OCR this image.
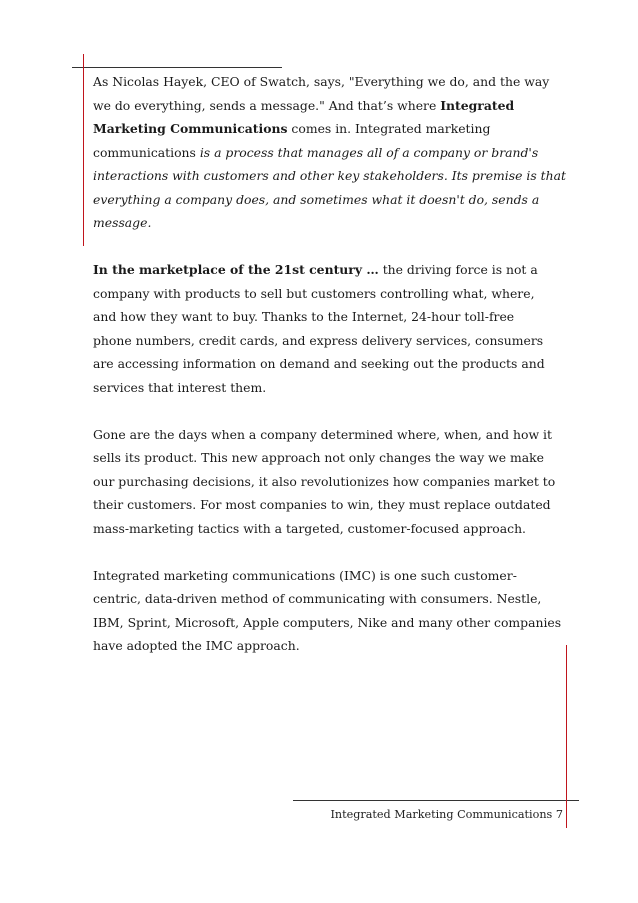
As Nicolas Hayek, CEO of Swatch, says, "Everything we do, and the way
we do everything, sends a message." And that’s where Integrated
Marketing Communications comes in. Integrated marketing
communications is a process that manages all of a company or brand's
interactions with customers and other key stakeholders. Its premise is that
everything a company does, and sometimes what it doesn't do, sends a
message.

In the marketplace of the 21st century … the driving force is not a
company with products to sell but customers controlling what, where,
and how they want to buy. Thanks to the Internet, 24-hour toll-free
phone numbers, credit cards, and express delivery services, consumers
are accessing information on demand and seeking out the products and
services that interest them.

Gone are the days when a company determined where, when, and how it
sells its product. This new approach not only changes the way we make
our purchasing decisions, it also revolutionizes how companies market to
their customers. For most companies to win, they must replace outdated
mass-marketing tactics with a targeted, customer-focused approach.

Integrated marketing communications (IMC) is one such customer-
centric, data-driven method of communicating with consumers. Nestle,
IBM, Sprint, Microsoft, Apple computers, Nike and many other companies
have adopted the IMC approach.

Integrated Marketing Communications 7
